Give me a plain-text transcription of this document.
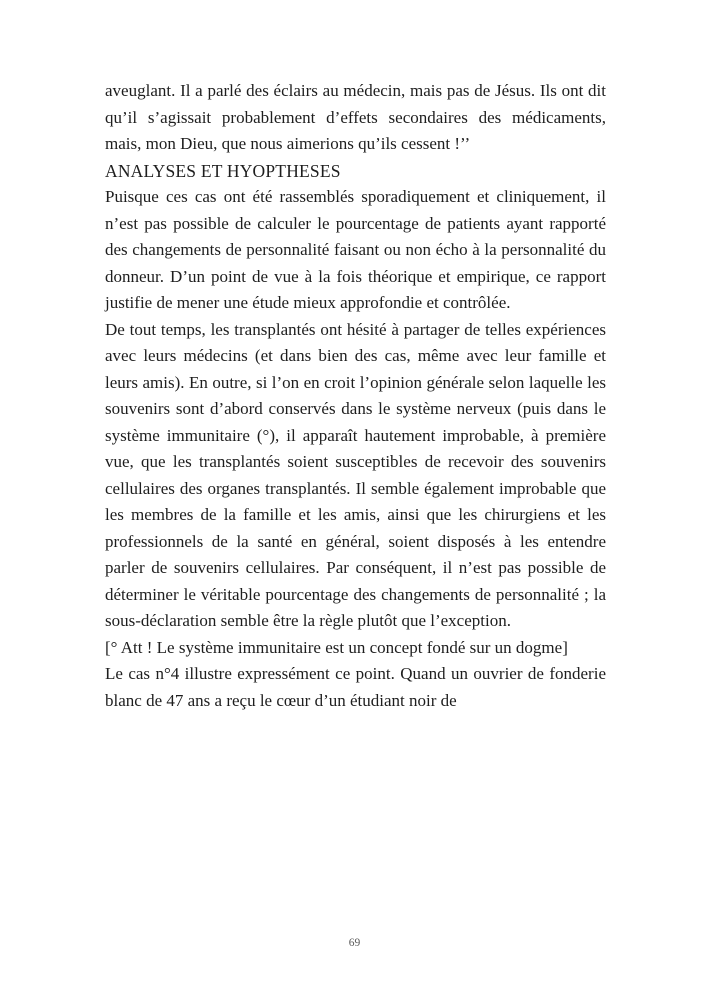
aveuglant. Il a parlé des éclairs au médecin, mais pas de Jésus. Ils ont dit qu’il s’agissait probablement d’effets secondaires des médicaments, mais, mon Dieu, que nous aimerions qu’ils cessent !’’

ANALYSES ET HYOPTHESES

Puisque ces cas ont été rassemblés sporadiquement et cliniquement, il n’est pas possible de calculer le pourcentage de patients ayant rapporté des changements de personnalité faisant ou non écho à la personnalité du donneur. D’un point de vue à la fois théorique et empirique, ce rapport justifie de mener une étude mieux approfondie et contrôlée.

De tout temps, les transplantés ont hésité à partager de telles expériences avec leurs médecins (et dans bien des cas, même avec leur famille et leurs amis). En outre, si l’on en croit l’opinion générale selon laquelle les souvenirs sont d’abord conservés dans le système nerveux (puis dans le système immunitaire (°), il apparaît hautement improbable, à première vue, que les transplantés soient susceptibles de recevoir des souvenirs cellulaires des organes transplantés. Il semble également improbable que les membres de la famille et les amis, ainsi que les chirurgiens et les professionnels de la santé en général, soient disposés à les entendre parler de souvenirs cellulaires. Par conséquent, il n’est pas possible de déterminer le véritable pourcentage des changements de personnalité ; la sous-déclaration semble être la règle plutôt que l’exception.

[° Att ! Le système immunitaire est un concept fondé sur un dogme]

Le cas n°4 illustre expressément ce point. Quand un ouvrier de fonderie blanc de 47 ans a reçu le cœur d’un étudiant noir de

69
